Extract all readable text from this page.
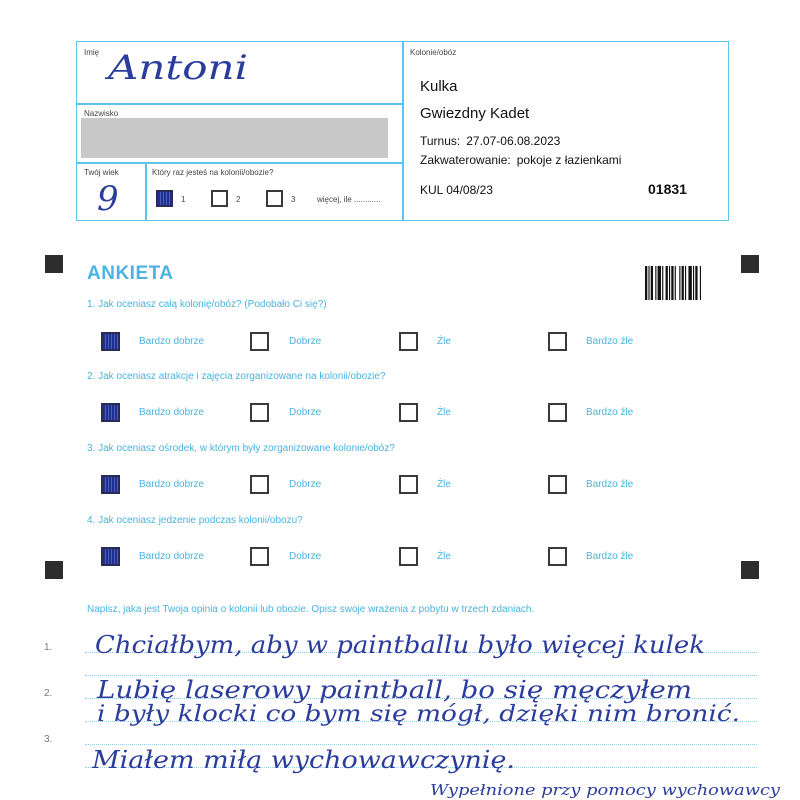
Imię Antoni
Nazwisko
Twój wiek
9
Który raz jesteś na kolonii/obozie?
1	2	3	więcej, ile ............
Kolonie/obóz
Kulka
Gwiezdny Kadet
Turnus: 27.07-06.08.2023
Zakwaterowanie: pokoje z łazienkami
KUL 04/08/23	01831
ANKIETA
1. Jak oceniasz całą kolonię/obóz? (Podobało Ci się?)
Bardzo dobrze	Dobrze	Źle	Bardzo źle
2. Jak oceniasz atrakcje i zajęcia zorganizowane na kolonii/obozie?
Bardzo dobrze	Dobrze	Źle	Bardzo źle
3. Jak oceniasz ośrodek, w którym były zorganizowane kolonie/obóz?
Bardzo dobrze	Dobrze	Źle	Bardzo źle
4. Jak oceniasz jedzenie podczas kolonii/obozu?
Bardzo dobrze	Dobrze	Źle	Bardzo źle
Napisz, jaka jest Twoja opinia o kolonii lub obozie. Opisz swoje wrażenia z pobytu w trzech zdaniach.
1.
2.
3.
Chciałbym, aby w paintballu było więcej kulek
Lubię laserowy paintball, bo się męczyłem
i były klocki co bym się mógł, dzięki nim bronić.
Miałem miłą wychowawczynię.
Wypełnione przy pomocy wychowawcy
